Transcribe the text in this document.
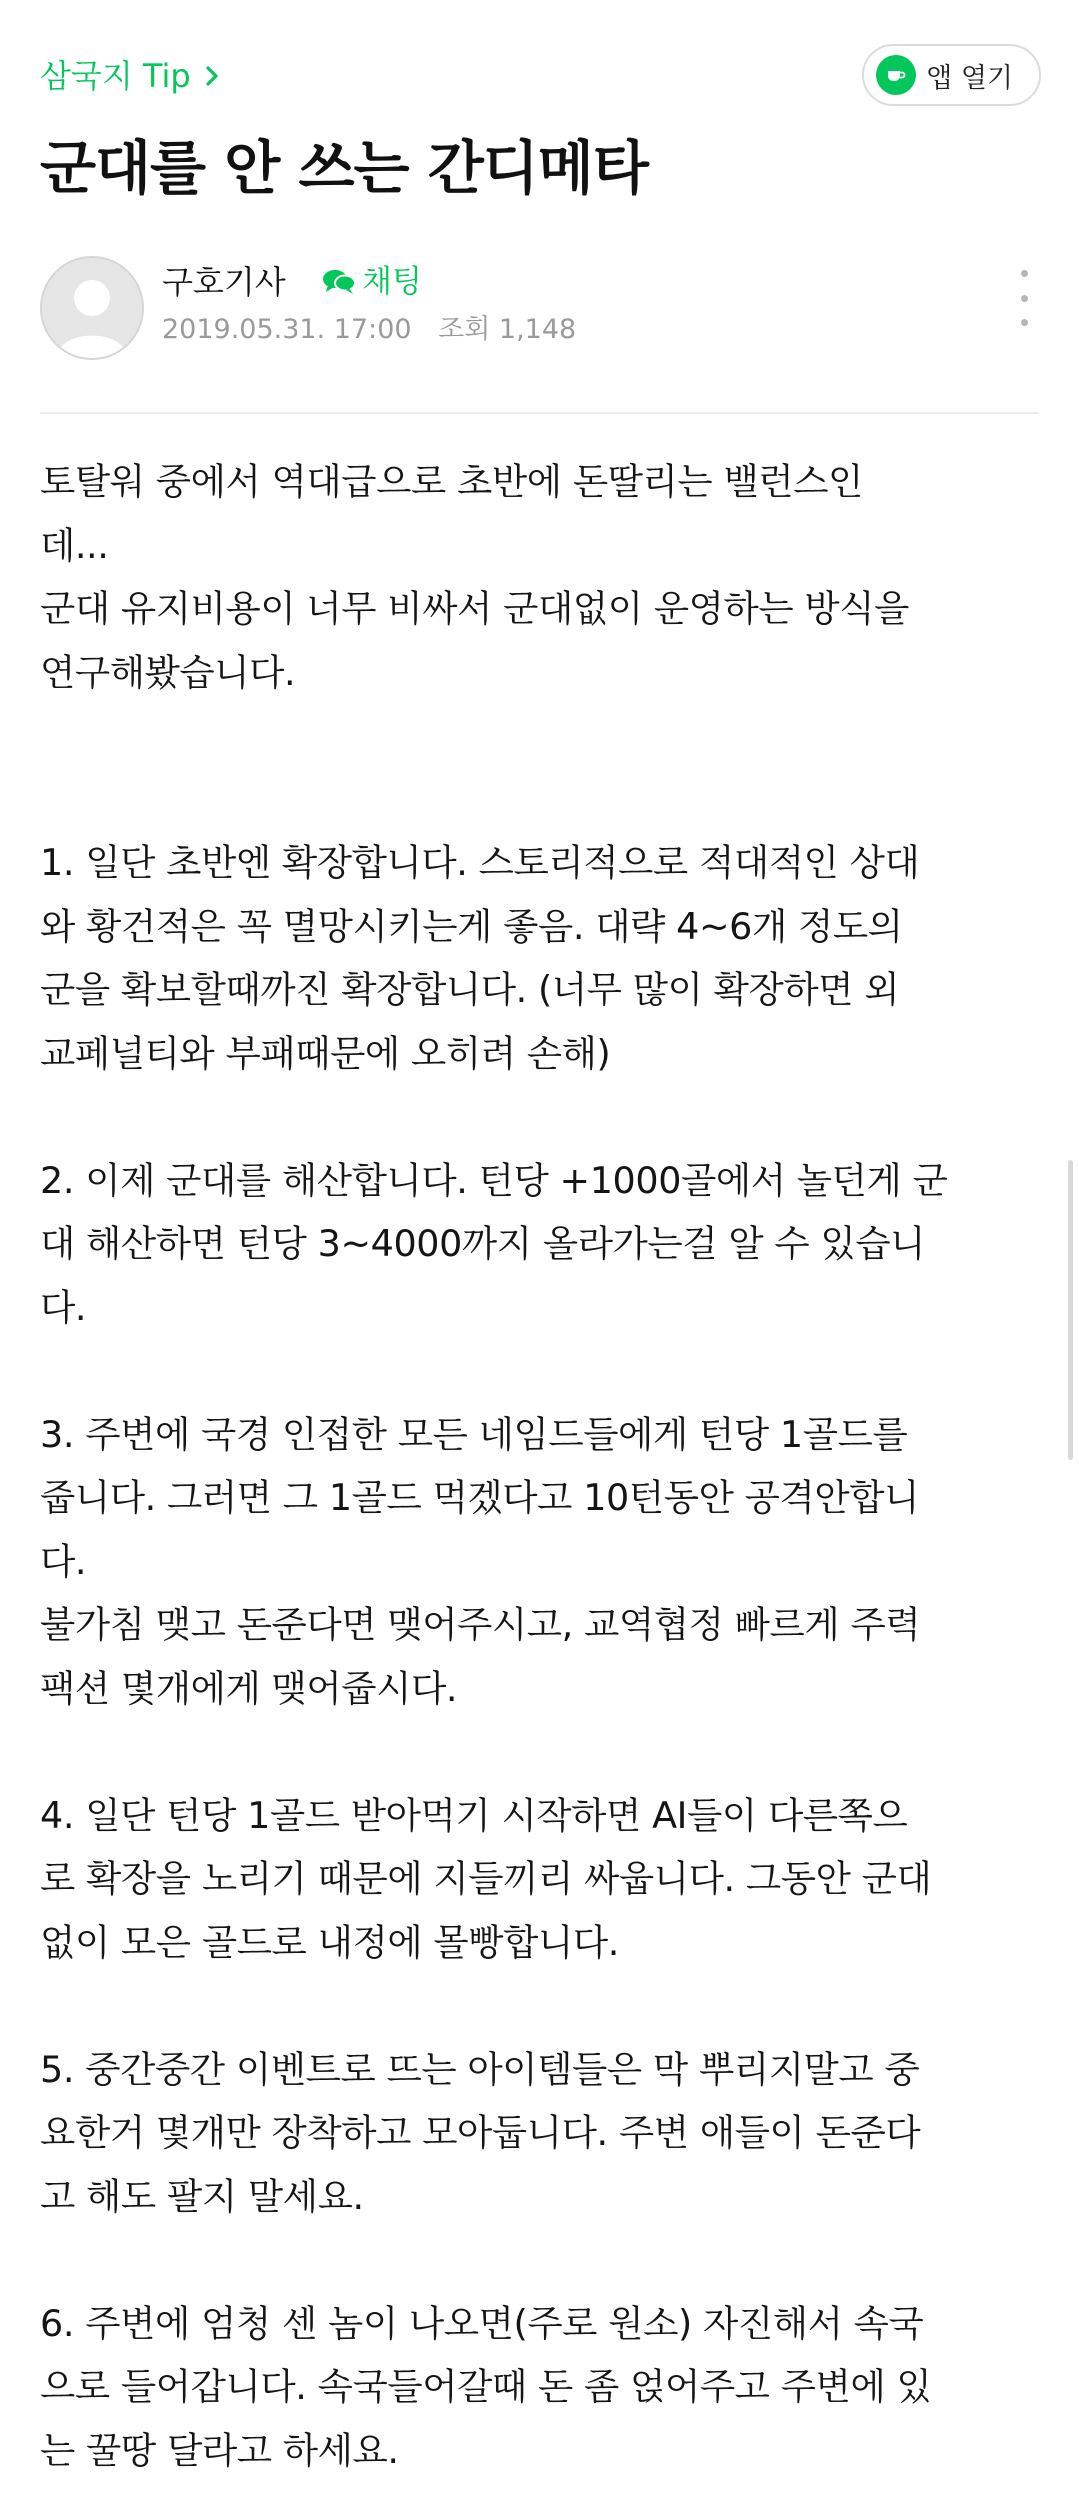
삼국지 Tip	앱 열기
군대를 안 쓰는 간디메타
구호기사 채팅
2019.05.31. 17:00 조회 1,148

토탈워 중에서 역대급으로 초반에 돈딸리는 밸런스인
데...
군대 유지비용이 너무 비싸서 군대없이 운영하는 방식을
연구해봤습니다.

1. 일단 초반엔 확장합니다. 스토리적으로 적대적인 상대
와 황건적은 꼭 멸망시키는게 좋음. 대략 4~6개 정도의
군을 확보할때까진 확장합니다. (너무 많이 확장하면 외
교페널티와 부패때문에 오히려 손해)

2. 이제 군대를 해산합니다. 턴당 +1000골에서 놀던게 군
대 해산하면 턴당 3~4000까지 올라가는걸 알 수 있습니
다.

3. 주변에 국경 인접한 모든 네임드들에게 턴당 1골드를
줍니다. 그러면 그 1골드 먹겠다고 10턴동안 공격안합니
다.
불가침 맺고 돈준다면 맺어주시고, 교역협정 빠르게 주력
팩션 몇개에게 맺어줍시다.

4. 일단 턴당 1골드 받아먹기 시작하면 AI들이 다른쪽으
로 확장을 노리기 때문에 지들끼리 싸웁니다. 그동안 군대
없이 모은 골드로 내정에 몰빵합니다.

5. 중간중간 이벤트로 뜨는 아이템들은 막 뿌리지말고 중
요한거 몇개만 장착하고 모아둡니다. 주변 애들이 돈준다
고 해도 팔지 말세요.

6. 주변에 엄청 센 놈이 나오면(주로 원소) 자진해서 속국
으로 들어갑니다. 속국들어갈때 돈 좀 얹어주고 주변에 있
는 꿀땅 달라고 하세요.
